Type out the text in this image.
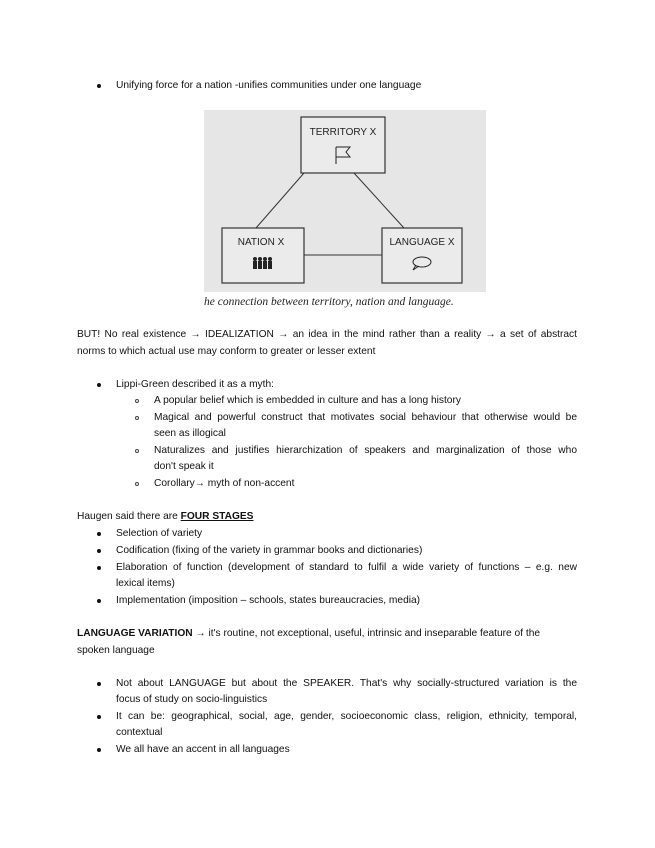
Unifying force for a nation -unifies communities under one language
TERRITORY X
NATION X	LANGUAGE X
he connection between territory, nation and language.
BUT! No real existence → IDEALIZATION → an idea in the mind rather than a reality → a set of abstract
norms to which actual use may conform to greater or lesser extent
Lippi-Green described it as a myth:
A popular belief which is embedded in culture and has a long history
Magical and powerful construct that motivates social behaviour that otherwise would be
seen as illogical
Naturalizes and justifies hierarchization of speakers and marginalization of those who
don't speak it
Corollary→ myth of non-accent
Haugen said there are FOUR STAGES
Selection of variety
Codification (fixing of the variety in grammar books and dictionaries)
Elaboration of function (development of standard to fulfil a wide variety of functions – e.g. new
lexical items)
Implementation (imposition – schools, states bureaucracies, media)
LANGUAGE VARIATION → it's routine, not exceptional, useful, intrinsic and inseparable feature of the
spoken language
Not about LANGUAGE but about the SPEAKER. That's why socially-structured variation is the
focus of study on socio-linguistics
It can be: geographical, social, age, gender, socioeconomic class, religion, ethnicity, temporal,
contextual
We all have an accent in all languages
